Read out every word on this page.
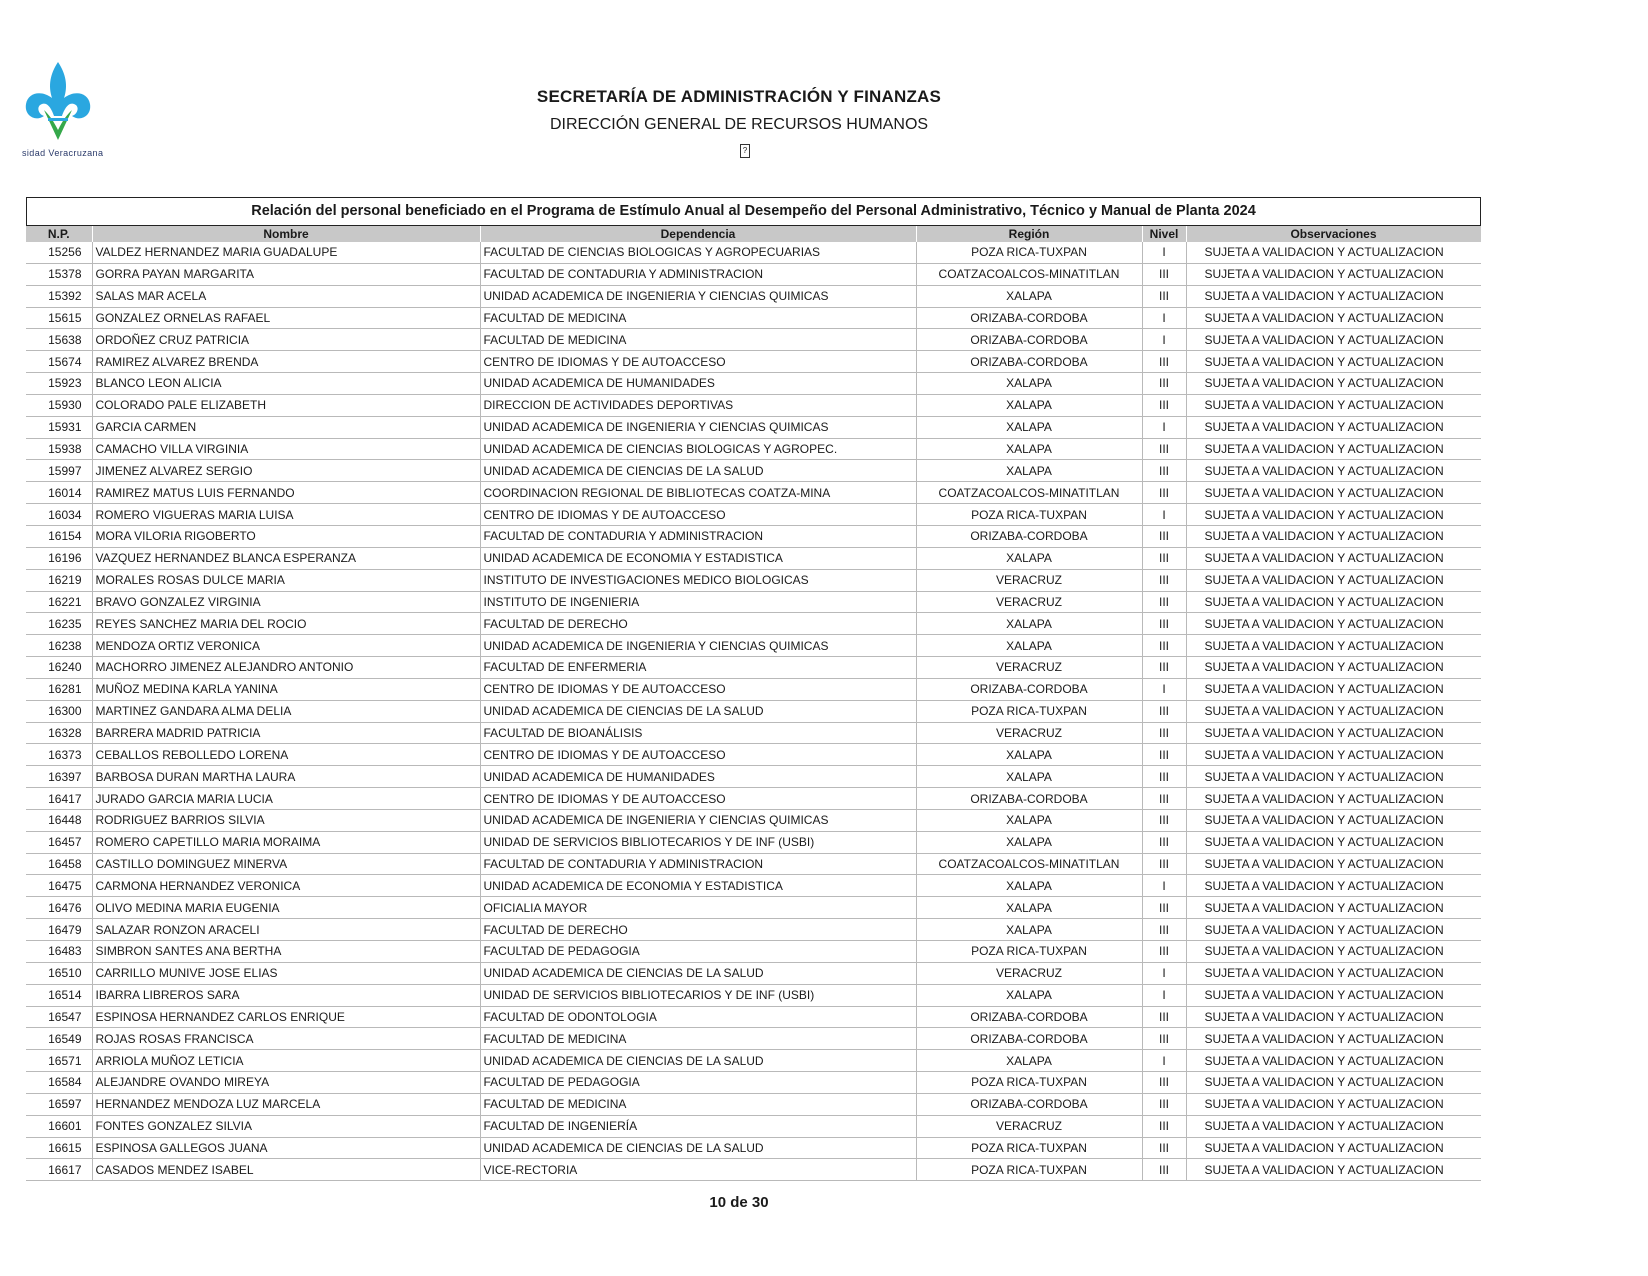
sidad Veracruzana
SECRETARÍA DE ADMINISTRACIÓN Y FINANZAS
DIRECCIÓN GENERAL DE RECURSOS HUMANOS
?
Relación del personal beneficiado en el Programa de Estímulo Anual al Desempeño del Personal Administrativo, Técnico y Manual de Planta 2024
N.P.	Nombre	Dependencia	Región	Nivel	Observaciones
15256	VALDEZ HERNANDEZ MARIA GUADALUPE	FACULTAD DE CIENCIAS BIOLOGICAS Y AGROPECUARIAS	POZA RICA-TUXPAN	I	SUJETA A VALIDACION Y ACTUALIZACION
15378	GORRA PAYAN MARGARITA	FACULTAD DE CONTADURIA Y ADMINISTRACION	COATZACOALCOS-MINATITLAN	III	SUJETA A VALIDACION Y ACTUALIZACION
15392	SALAS MAR ACELA	UNIDAD ACADEMICA DE INGENIERIA Y CIENCIAS QUIMICAS	XALAPA	III	SUJETA A VALIDACION Y ACTUALIZACION
15615	GONZALEZ ORNELAS RAFAEL	FACULTAD DE MEDICINA	ORIZABA-CORDOBA	I	SUJETA A VALIDACION Y ACTUALIZACION
15638	ORDOÑEZ CRUZ PATRICIA	FACULTAD DE MEDICINA	ORIZABA-CORDOBA	I	SUJETA A VALIDACION Y ACTUALIZACION
15674	RAMIREZ ALVAREZ BRENDA	CENTRO DE IDIOMAS Y DE AUTOACCESO	ORIZABA-CORDOBA	III	SUJETA A VALIDACION Y ACTUALIZACION
15923	BLANCO LEON ALICIA	UNIDAD ACADEMICA DE HUMANIDADES	XALAPA	III	SUJETA A VALIDACION Y ACTUALIZACION
15930	COLORADO PALE ELIZABETH	DIRECCION DE ACTIVIDADES DEPORTIVAS	XALAPA	III	SUJETA A VALIDACION Y ACTUALIZACION
15931	GARCIA CARMEN	UNIDAD ACADEMICA DE INGENIERIA Y CIENCIAS QUIMICAS	XALAPA	I	SUJETA A VALIDACION Y ACTUALIZACION
15938	CAMACHO VILLA VIRGINIA	UNIDAD ACADEMICA DE CIENCIAS BIOLOGICAS Y AGROPEC.	XALAPA	III	SUJETA A VALIDACION Y ACTUALIZACION
15997	JIMENEZ ALVAREZ SERGIO	UNIDAD ACADEMICA DE CIENCIAS DE LA SALUD	XALAPA	III	SUJETA A VALIDACION Y ACTUALIZACION
16014	RAMIREZ MATUS LUIS FERNANDO	COORDINACION REGIONAL DE BIBLIOTECAS COATZA-MINA	COATZACOALCOS-MINATITLAN	III	SUJETA A VALIDACION Y ACTUALIZACION
16034	ROMERO VIGUERAS MARIA LUISA	CENTRO DE IDIOMAS Y DE AUTOACCESO	POZA RICA-TUXPAN	I	SUJETA A VALIDACION Y ACTUALIZACION
16154	MORA VILORIA RIGOBERTO	FACULTAD DE CONTADURIA Y ADMINISTRACION	ORIZABA-CORDOBA	III	SUJETA A VALIDACION Y ACTUALIZACION
16196	VAZQUEZ HERNANDEZ BLANCA ESPERANZA	UNIDAD ACADEMICA DE ECONOMIA Y ESTADISTICA	XALAPA	III	SUJETA A VALIDACION Y ACTUALIZACION
16219	MORALES ROSAS DULCE MARIA	INSTITUTO DE INVESTIGACIONES MEDICO BIOLOGICAS	VERACRUZ	III	SUJETA A VALIDACION Y ACTUALIZACION
16221	BRAVO GONZALEZ VIRGINIA	INSTITUTO DE INGENIERIA	VERACRUZ	III	SUJETA A VALIDACION Y ACTUALIZACION
16235	REYES SANCHEZ MARIA DEL ROCIO	FACULTAD DE DERECHO	XALAPA	III	SUJETA A VALIDACION Y ACTUALIZACION
16238	MENDOZA ORTIZ VERONICA	UNIDAD ACADEMICA DE INGENIERIA Y CIENCIAS QUIMICAS	XALAPA	III	SUJETA A VALIDACION Y ACTUALIZACION
16240	MACHORRO JIMENEZ ALEJANDRO ANTONIO	FACULTAD DE ENFERMERIA	VERACRUZ	III	SUJETA A VALIDACION Y ACTUALIZACION
16281	MUÑOZ MEDINA KARLA YANINA	CENTRO DE IDIOMAS Y DE AUTOACCESO	ORIZABA-CORDOBA	I	SUJETA A VALIDACION Y ACTUALIZACION
16300	MARTINEZ GANDARA ALMA DELIA	UNIDAD ACADEMICA DE CIENCIAS DE LA SALUD	POZA RICA-TUXPAN	III	SUJETA A VALIDACION Y ACTUALIZACION
16328	BARRERA MADRID PATRICIA	FACULTAD DE BIOANÁLISIS	VERACRUZ	III	SUJETA A VALIDACION Y ACTUALIZACION
16373	CEBALLOS REBOLLEDO LORENA	CENTRO DE IDIOMAS Y DE AUTOACCESO	XALAPA	III	SUJETA A VALIDACION Y ACTUALIZACION
16397	BARBOSA DURAN MARTHA LAURA	UNIDAD ACADEMICA DE HUMANIDADES	XALAPA	III	SUJETA A VALIDACION Y ACTUALIZACION
16417	JURADO GARCIA MARIA LUCIA	CENTRO DE IDIOMAS Y DE AUTOACCESO	ORIZABA-CORDOBA	III	SUJETA A VALIDACION Y ACTUALIZACION
16448	RODRIGUEZ BARRIOS SILVIA	UNIDAD ACADEMICA DE INGENIERIA Y CIENCIAS QUIMICAS	XALAPA	III	SUJETA A VALIDACION Y ACTUALIZACION
16457	ROMERO CAPETILLO MARIA MORAIMA	UNIDAD DE SERVICIOS BIBLIOTECARIOS Y DE INF (USBI)	XALAPA	III	SUJETA A VALIDACION Y ACTUALIZACION
16458	CASTILLO DOMINGUEZ MINERVA	FACULTAD DE CONTADURIA Y ADMINISTRACION	COATZACOALCOS-MINATITLAN	III	SUJETA A VALIDACION Y ACTUALIZACION
16475	CARMONA HERNANDEZ VERONICA	UNIDAD ACADEMICA DE ECONOMIA Y ESTADISTICA	XALAPA	I	SUJETA A VALIDACION Y ACTUALIZACION
16476	OLIVO MEDINA MARIA EUGENIA	OFICIALIA MAYOR	XALAPA	III	SUJETA A VALIDACION Y ACTUALIZACION
16479	SALAZAR RONZON ARACELI	FACULTAD DE DERECHO	XALAPA	III	SUJETA A VALIDACION Y ACTUALIZACION
16483	SIMBRON SANTES ANA BERTHA	FACULTAD DE PEDAGOGIA	POZA RICA-TUXPAN	III	SUJETA A VALIDACION Y ACTUALIZACION
16510	CARRILLO MUNIVE JOSE ELIAS	UNIDAD ACADEMICA DE CIENCIAS DE LA SALUD	VERACRUZ	I	SUJETA A VALIDACION Y ACTUALIZACION
16514	IBARRA LIBREROS SARA	UNIDAD DE SERVICIOS BIBLIOTECARIOS Y DE INF (USBI)	XALAPA	I	SUJETA A VALIDACION Y ACTUALIZACION
16547	ESPINOSA HERNANDEZ CARLOS ENRIQUE	FACULTAD DE ODONTOLOGIA	ORIZABA-CORDOBA	III	SUJETA A VALIDACION Y ACTUALIZACION
16549	ROJAS ROSAS FRANCISCA	FACULTAD DE MEDICINA	ORIZABA-CORDOBA	III	SUJETA A VALIDACION Y ACTUALIZACION
16571	ARRIOLA MUÑOZ LETICIA	UNIDAD ACADEMICA DE CIENCIAS DE LA SALUD	XALAPA	I	SUJETA A VALIDACION Y ACTUALIZACION
16584	ALEJANDRE OVANDO MIREYA	FACULTAD DE PEDAGOGIA	POZA RICA-TUXPAN	III	SUJETA A VALIDACION Y ACTUALIZACION
16597	HERNANDEZ MENDOZA LUZ MARCELA	FACULTAD DE MEDICINA	ORIZABA-CORDOBA	III	SUJETA A VALIDACION Y ACTUALIZACION
16601	FONTES GONZALEZ SILVIA	FACULTAD DE INGENIERÍA	VERACRUZ	III	SUJETA A VALIDACION Y ACTUALIZACION
16615	ESPINOSA GALLEGOS JUANA	UNIDAD ACADEMICA DE CIENCIAS DE LA SALUD	POZA RICA-TUXPAN	III	SUJETA A VALIDACION Y ACTUALIZACION
16617	CASADOS MENDEZ ISABEL	VICE-RECTORIA	POZA RICA-TUXPAN	III	SUJETA A VALIDACION Y ACTUALIZACION
10 de 30
